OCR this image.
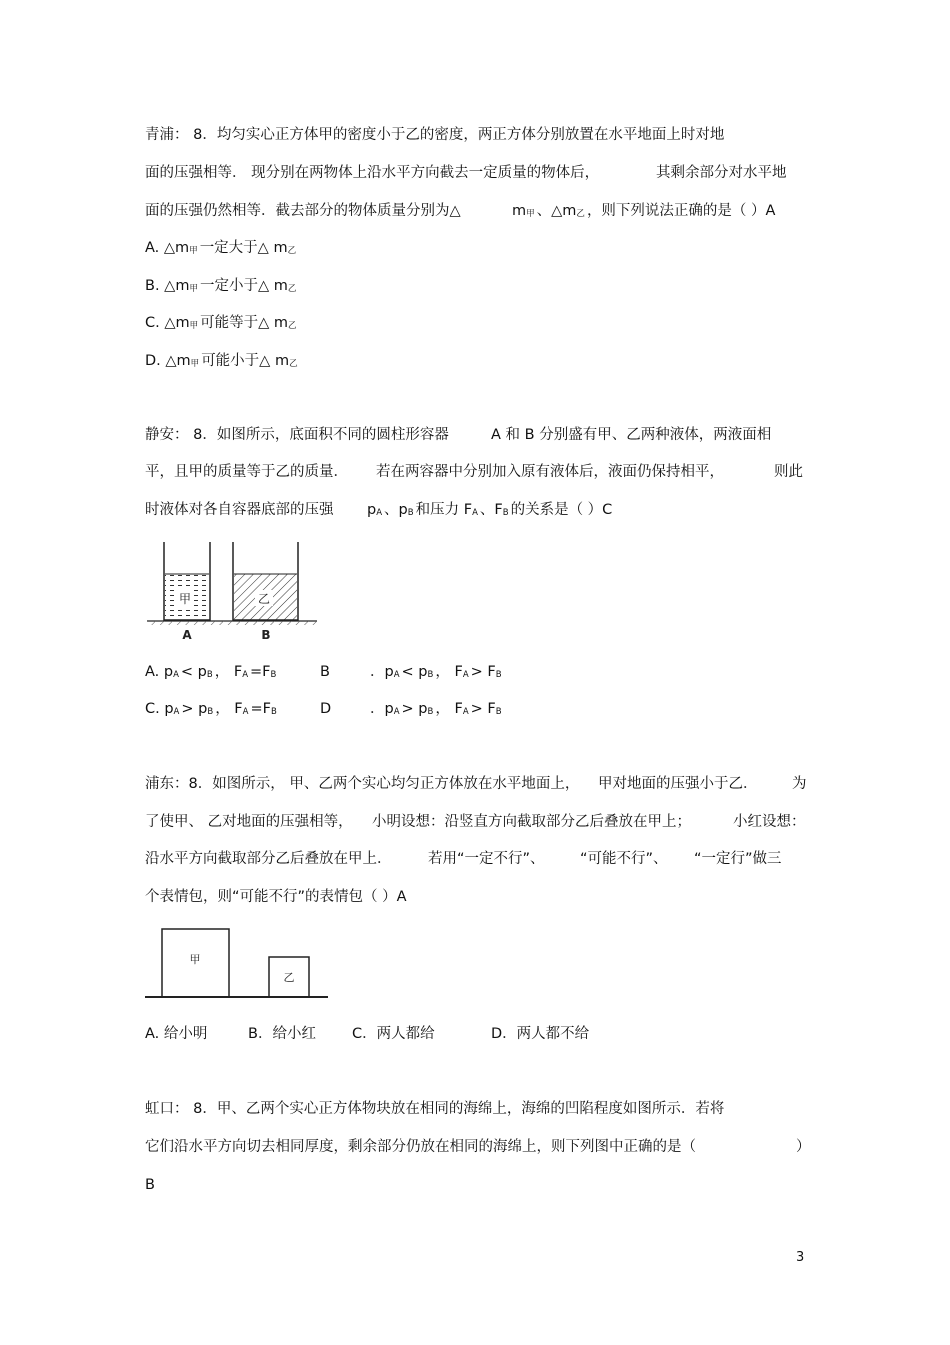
青浦： 8．均匀实心正方体甲的密度小于乙的密度，两正方体分别放置在水平地面上时对地
面的压强相等． 现分别在两物体上沿水平方向截去一定质量的物体后，	其剩余部分对水平地
面的压强仍然相等．截去部分的物体质量分别为△	$m_甲$ 、$\triangle m_乙$ ，则下列说法正确的是（ ）A
A. $\triangle m_甲$ 一定大于△ $m_乙$
B. $\triangle m_甲$ 一定小于△ $m_乙$
C. $\triangle m_甲$ 可能等于△ $m_乙$
D. $\triangle m_甲$ 可能小于△ $m_乙$
静安： 8．如图所示，底面积不同的圆柱形容器	A 和 B 分别盛有甲、乙两种液体，两液面相
平，且甲的质量等于乙的质量． 若在两容器中分别加入原有液体后，液面仍保持相平，	则此
时液体对各自容器底部的压强 $p_A$ 、$p_B$ 和压力 $F_A$ 、$F_B$ 的关系是（ ）C
甲	乙
A	B
A. $p_A < p_B$ ， $F_A =F_B$	B	．$p_A < p_B$ ， $F_A > F_B$
C. $p_A > p_B$ ， $F_A =F_B$	D	．$p_A > p_B$ ， $F_A > F_B$
浦东：8．如图所示， 甲、乙两个实心均匀正方体放在水平地面上， 甲对地面的压强小于乙． 为
了使甲、 乙对地面的压强相等， 小明设想：沿竖直方向截取部分乙后叠放在甲上；	小红设想：
沿水平方向截取部分乙后叠放在甲上．	若用“一定不行”、 “可能不行”、 “一定行”做三
个表情包，则“可能不行”的表情包（ ）A
甲
乙
A. 给小明	B．给小红 C．两人都给	D．两人都不给
虹口： 8．甲、乙两个实心正方体物块放在相同的海绵上，海绵的凹陷程度如图所示．若将
它们沿水平方向切去相同厚度，剩余部分仍放在相同的海绵上，则下列图中正确的是（	）
B
3
